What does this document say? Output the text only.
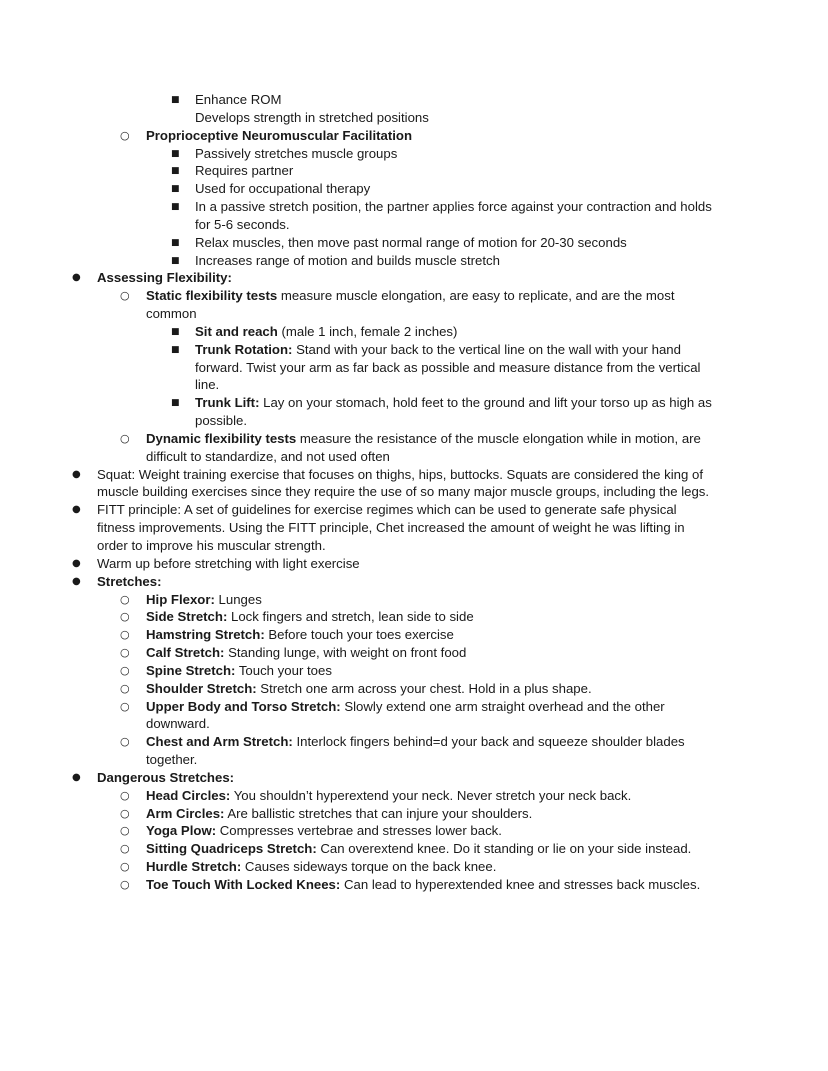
■ Enhance ROM
Develops strength in stretched positions
○ Proprioceptive Neuromuscular Facilitation
■ Passively stretches muscle groups
■ Requires partner
■ Used for occupational therapy
■ In a passive stretch position, the partner applies force against your contraction and holds
for 5-6 seconds.
■ Relax muscles, then move past normal range of motion for 20-30 seconds
■ Increases range of motion and builds muscle stretch
● Assessing Flexibility:
○ Static flexibility tests measure muscle elongation, are easy to replicate, and are the most
common
■ Sit and reach (male 1 inch, female 2 inches)
■ Trunk Rotation: Stand with your back to the vertical line on the wall with your hand
forward. Twist your arm as far back as possible and measure distance from the vertical
line.
■ Trunk Lift: Lay on your stomach, hold feet to the ground and lift your torso up as high as
possible.
○ Dynamic flexibility tests measure the resistance of the muscle elongation while in motion, are
difficult to standardize, and not used often
● Squat: Weight training exercise that focuses on thighs, hips, buttocks. Squats are considered the king of
muscle building exercises since they require the use of so many major muscle groups, including the legs.
● FITT principle: A set of guidelines for exercise regimes which can be used to generate safe physical
fitness improvements. Using the FITT principle, Chet increased the amount of weight he was lifting in
order to improve his muscular strength.
● Warm up before stretching with light exercise
● Stretches:
○ Hip Flexor: Lunges
○ Side Stretch: Lock fingers and stretch, lean side to side
○ Hamstring Stretch: Before touch your toes exercise
○ Calf Stretch: Standing lunge, with weight on front food
○ Spine Stretch: Touch your toes
○ Shoulder Stretch: Stretch one arm across your chest. Hold in a plus shape.
○ Upper Body and Torso Stretch: Slowly extend one arm straight overhead and the other
downward.
○ Chest and Arm Stretch: Interlock fingers behind=d your back and squeeze shoulder blades
together.
● Dangerous Stretches:
○ Head Circles: You shouldn’t hyperextend your neck. Never stretch your neck back.
○ Arm Circles: Are ballistic stretches that can injure your shoulders.
○ Yoga Plow: Compresses vertebrae and stresses lower back.
○ Sitting Quadriceps Stretch: Can overextend knee. Do it standing or lie on your side instead.
○ Hurdle Stretch: Causes sideways torque on the back knee.
○ Toe Touch With Locked Knees: Can lead to hyperextended knee and stresses back muscles.
